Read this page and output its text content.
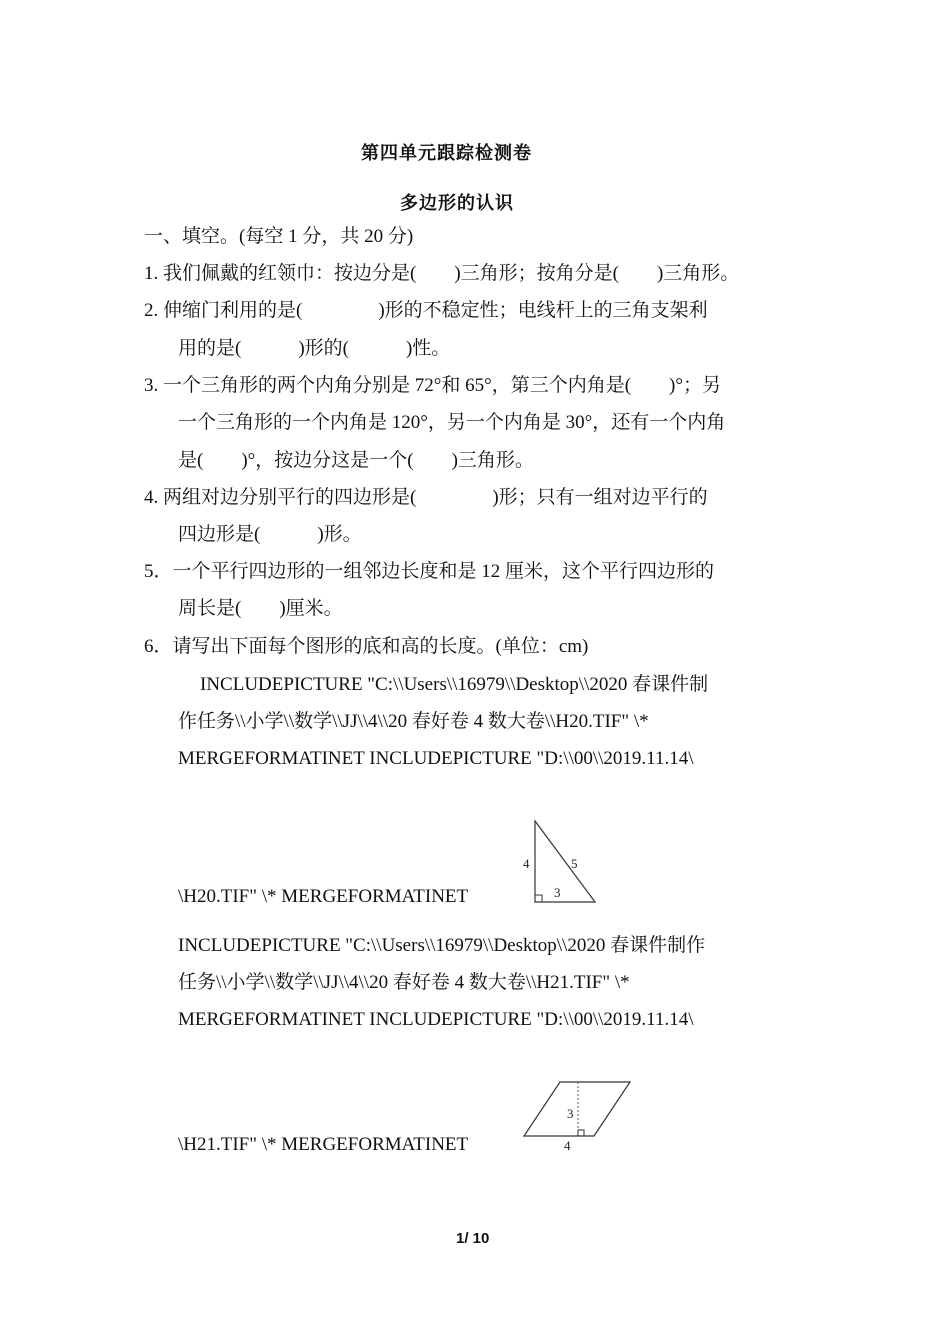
第四单元跟踪检测卷
多边形的认识
一、填空。(每空 1 分，共 20 分)
1. 我们佩戴的红领巾：按边分是(　　)三角形；按角分是(　　)三角形。
2. 伸缩门利用的是(　　　　)形的不稳定性；电线杆上的三角支架利
用的是(　　　)形的(　　　)性。
3. 一个三角形的两个内角分别是 72°和 65°，第三个内角是(　　)°；另
一个三角形的一个内角是 120°，另一个内角是 30°，还有一个内角
是(　　)°，按边分这是一个(　　)三角形。
4. 两组对边分别平行的四边形是(　　　　)形；只有一组对边平行的
四边形是(　　　)形。
5．一个平行四边形的一组邻边长度和是 12 厘米，这个平行四边形的
周长是(　　)厘米。
6．请写出下面每个图形的底和高的长度。(单位：cm)
INCLUDEPICTURE "C:\\Users\\16979\\Desktop\\2020 春课件制
作任务\\小学\\数学\\JJ\\4\\20 春好卷 4 数大卷\\H20.TIF" \*
MERGEFORMATINET INCLUDEPICTURE "D:\\00\\2019.11.14\
\H20.TIF" \* MERGEFORMATINET
4	5
3
INCLUDEPICTURE "C:\\Users\\16979\\Desktop\\2020 春课件制作
任务\\小学\\数学\\JJ\\4\\20 春好卷 4 数大卷\\H21.TIF" \*
MERGEFORMATINET INCLUDEPICTURE "D:\\00\\2019.11.14\
\H21.TIF" \* MERGEFORMATINET
3
4
1/ 10
